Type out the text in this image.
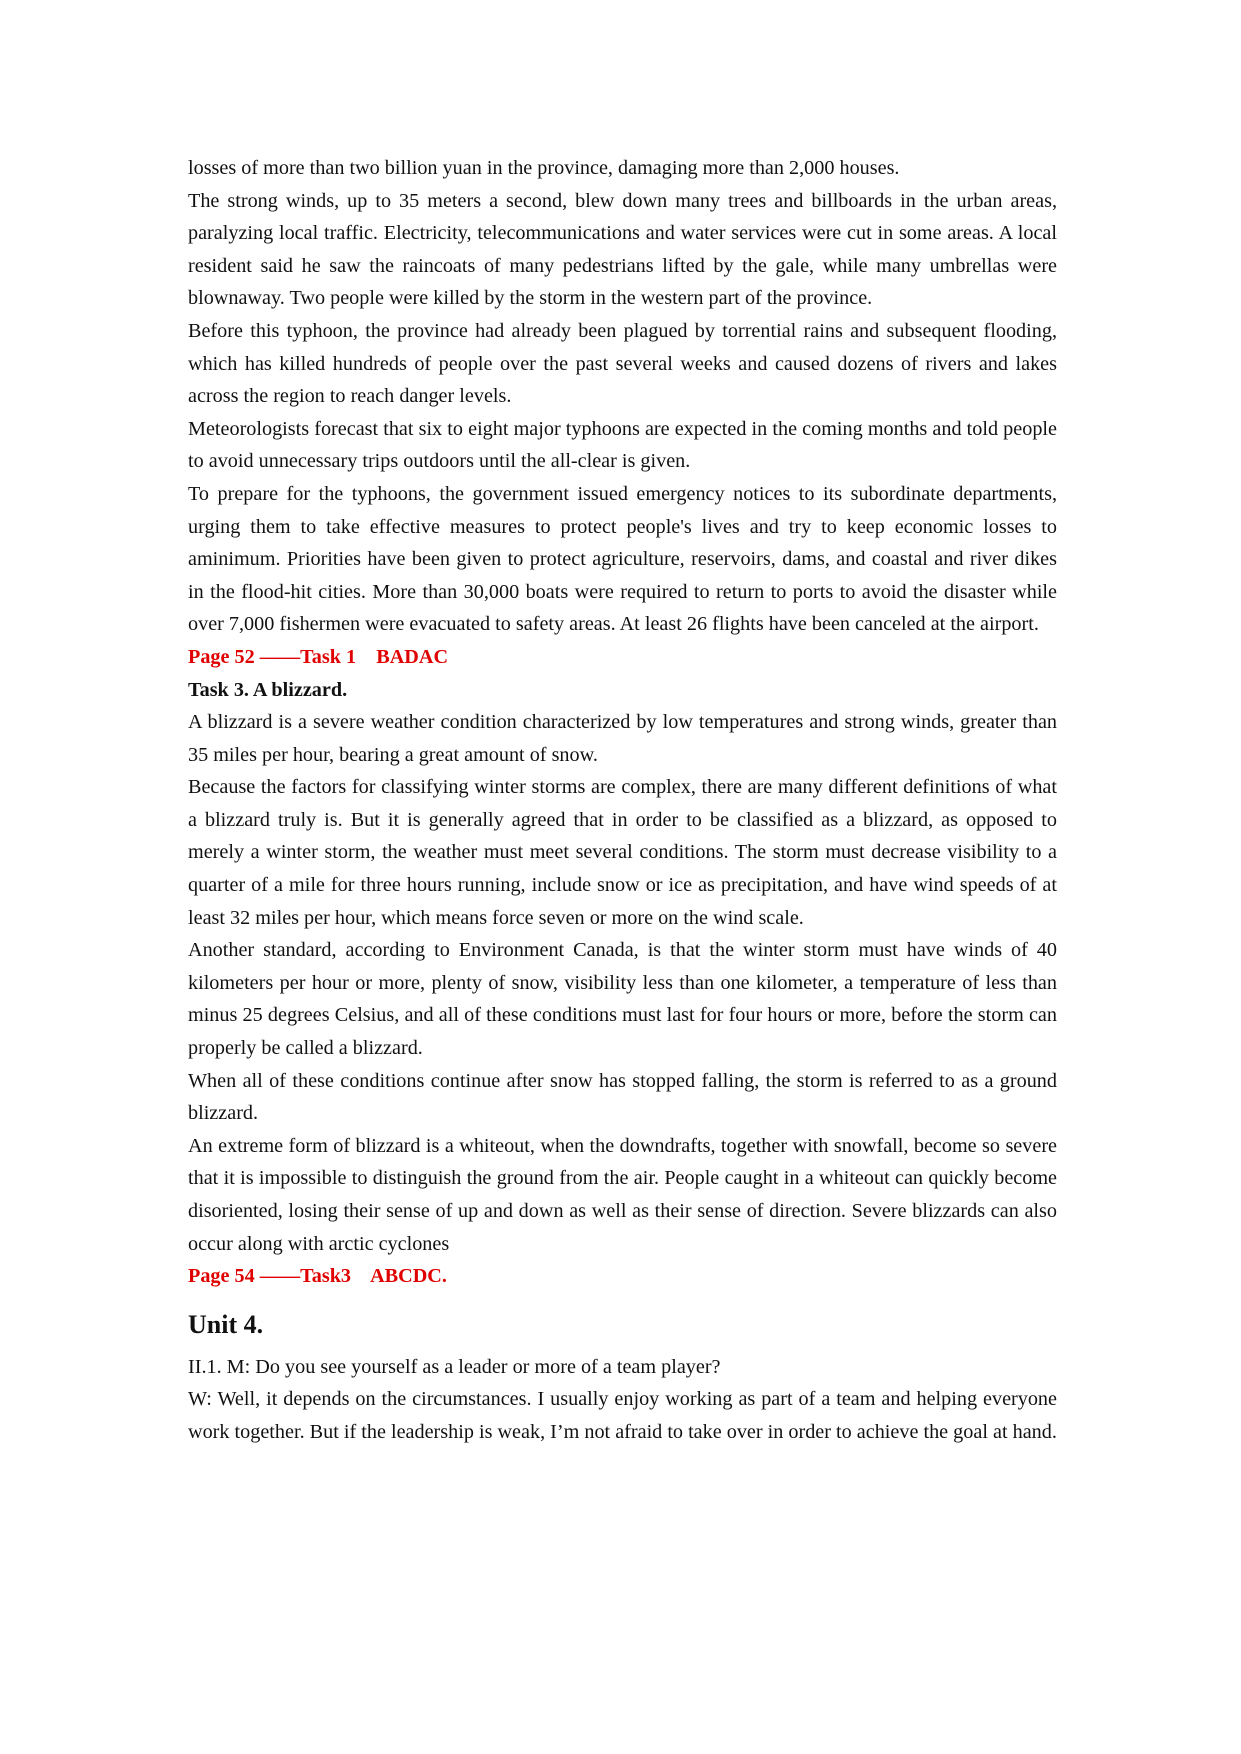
losses of more than two billion yuan in the province, damaging more than 2,000 houses.

The strong winds, up to 35 meters a second, blew down many trees and billboards in the urban areas, paralyzing local traffic. Electricity, telecommunications and water services were cut in some areas. A local resident said he saw the raincoats of many pedestrians lifted by the gale, while many umbrellas were blownaway. Two people were killed by the storm in the western part of the province.

Before this typhoon, the province had already been plagued by torrential rains and subsequent flooding, which has killed hundreds of people over the past several weeks and caused dozens of rivers and lakes across the region to reach danger levels.

Meteorologists forecast that six to eight major typhoons are expected in the coming months and told people to avoid unnecessary trips outdoors until the all-clear is given.

To prepare for the typhoons, the government issued emergency notices to its subordinate departments, urging them to take effective measures to protect people's lives and try to keep economic losses to aminimum. Priorities have been given to protect agriculture, reservoirs, dams, and coastal and river dikes in the flood-hit cities. More than 30,000 boats were required to return to ports to avoid the disaster while over 7,000 fishermen were evacuated to safety areas. At least 26 flights have been canceled at the airport.

Page 52 ——Task 1    BADAC

Task 3. A blizzard.

A blizzard is a severe weather condition characterized by low temperatures and strong winds, greater than 35 miles per hour, bearing a great amount of snow.

Because the factors for classifying winter storms are complex, there are many different definitions of what a blizzard truly is. But it is generally agreed that in order to be classified as a blizzard, as opposed to merely a winter storm, the weather must meet several conditions. The storm must decrease visibility to a quarter of a mile for three hours running, include snow or ice as precipitation, and have wind speeds of at least 32 miles per hour, which means force seven or more on the wind scale.

Another standard, according to Environment Canada, is that the winter storm must have winds of 40 kilometers per hour or more, plenty of snow, visibility less than one kilometer, a temperature of less than minus 25 degrees Celsius, and all of these conditions must last for four hours or more, before the storm can properly be called a blizzard.

When all of these conditions continue after snow has stopped falling, the storm is referred to as a ground blizzard.

An extreme form of blizzard is a whiteout, when the downdrafts, together with snowfall, become so severe that it is impossible to distinguish the ground from the air. People caught in a whiteout can quickly become disoriented, losing their sense of up and down as well as their sense of direction. Severe blizzards can also occur along with arctic cyclones

Page 54 ——Task3    ABCDC.

Unit 4.

II.1. M: Do you see yourself as a leader or more of a team player?

W: Well, it depends on the circumstances. I usually enjoy working as part of a team and helping everyone work together. But if the leadership is weak, I’m not afraid to take over in order to achieve the goal at hand.
